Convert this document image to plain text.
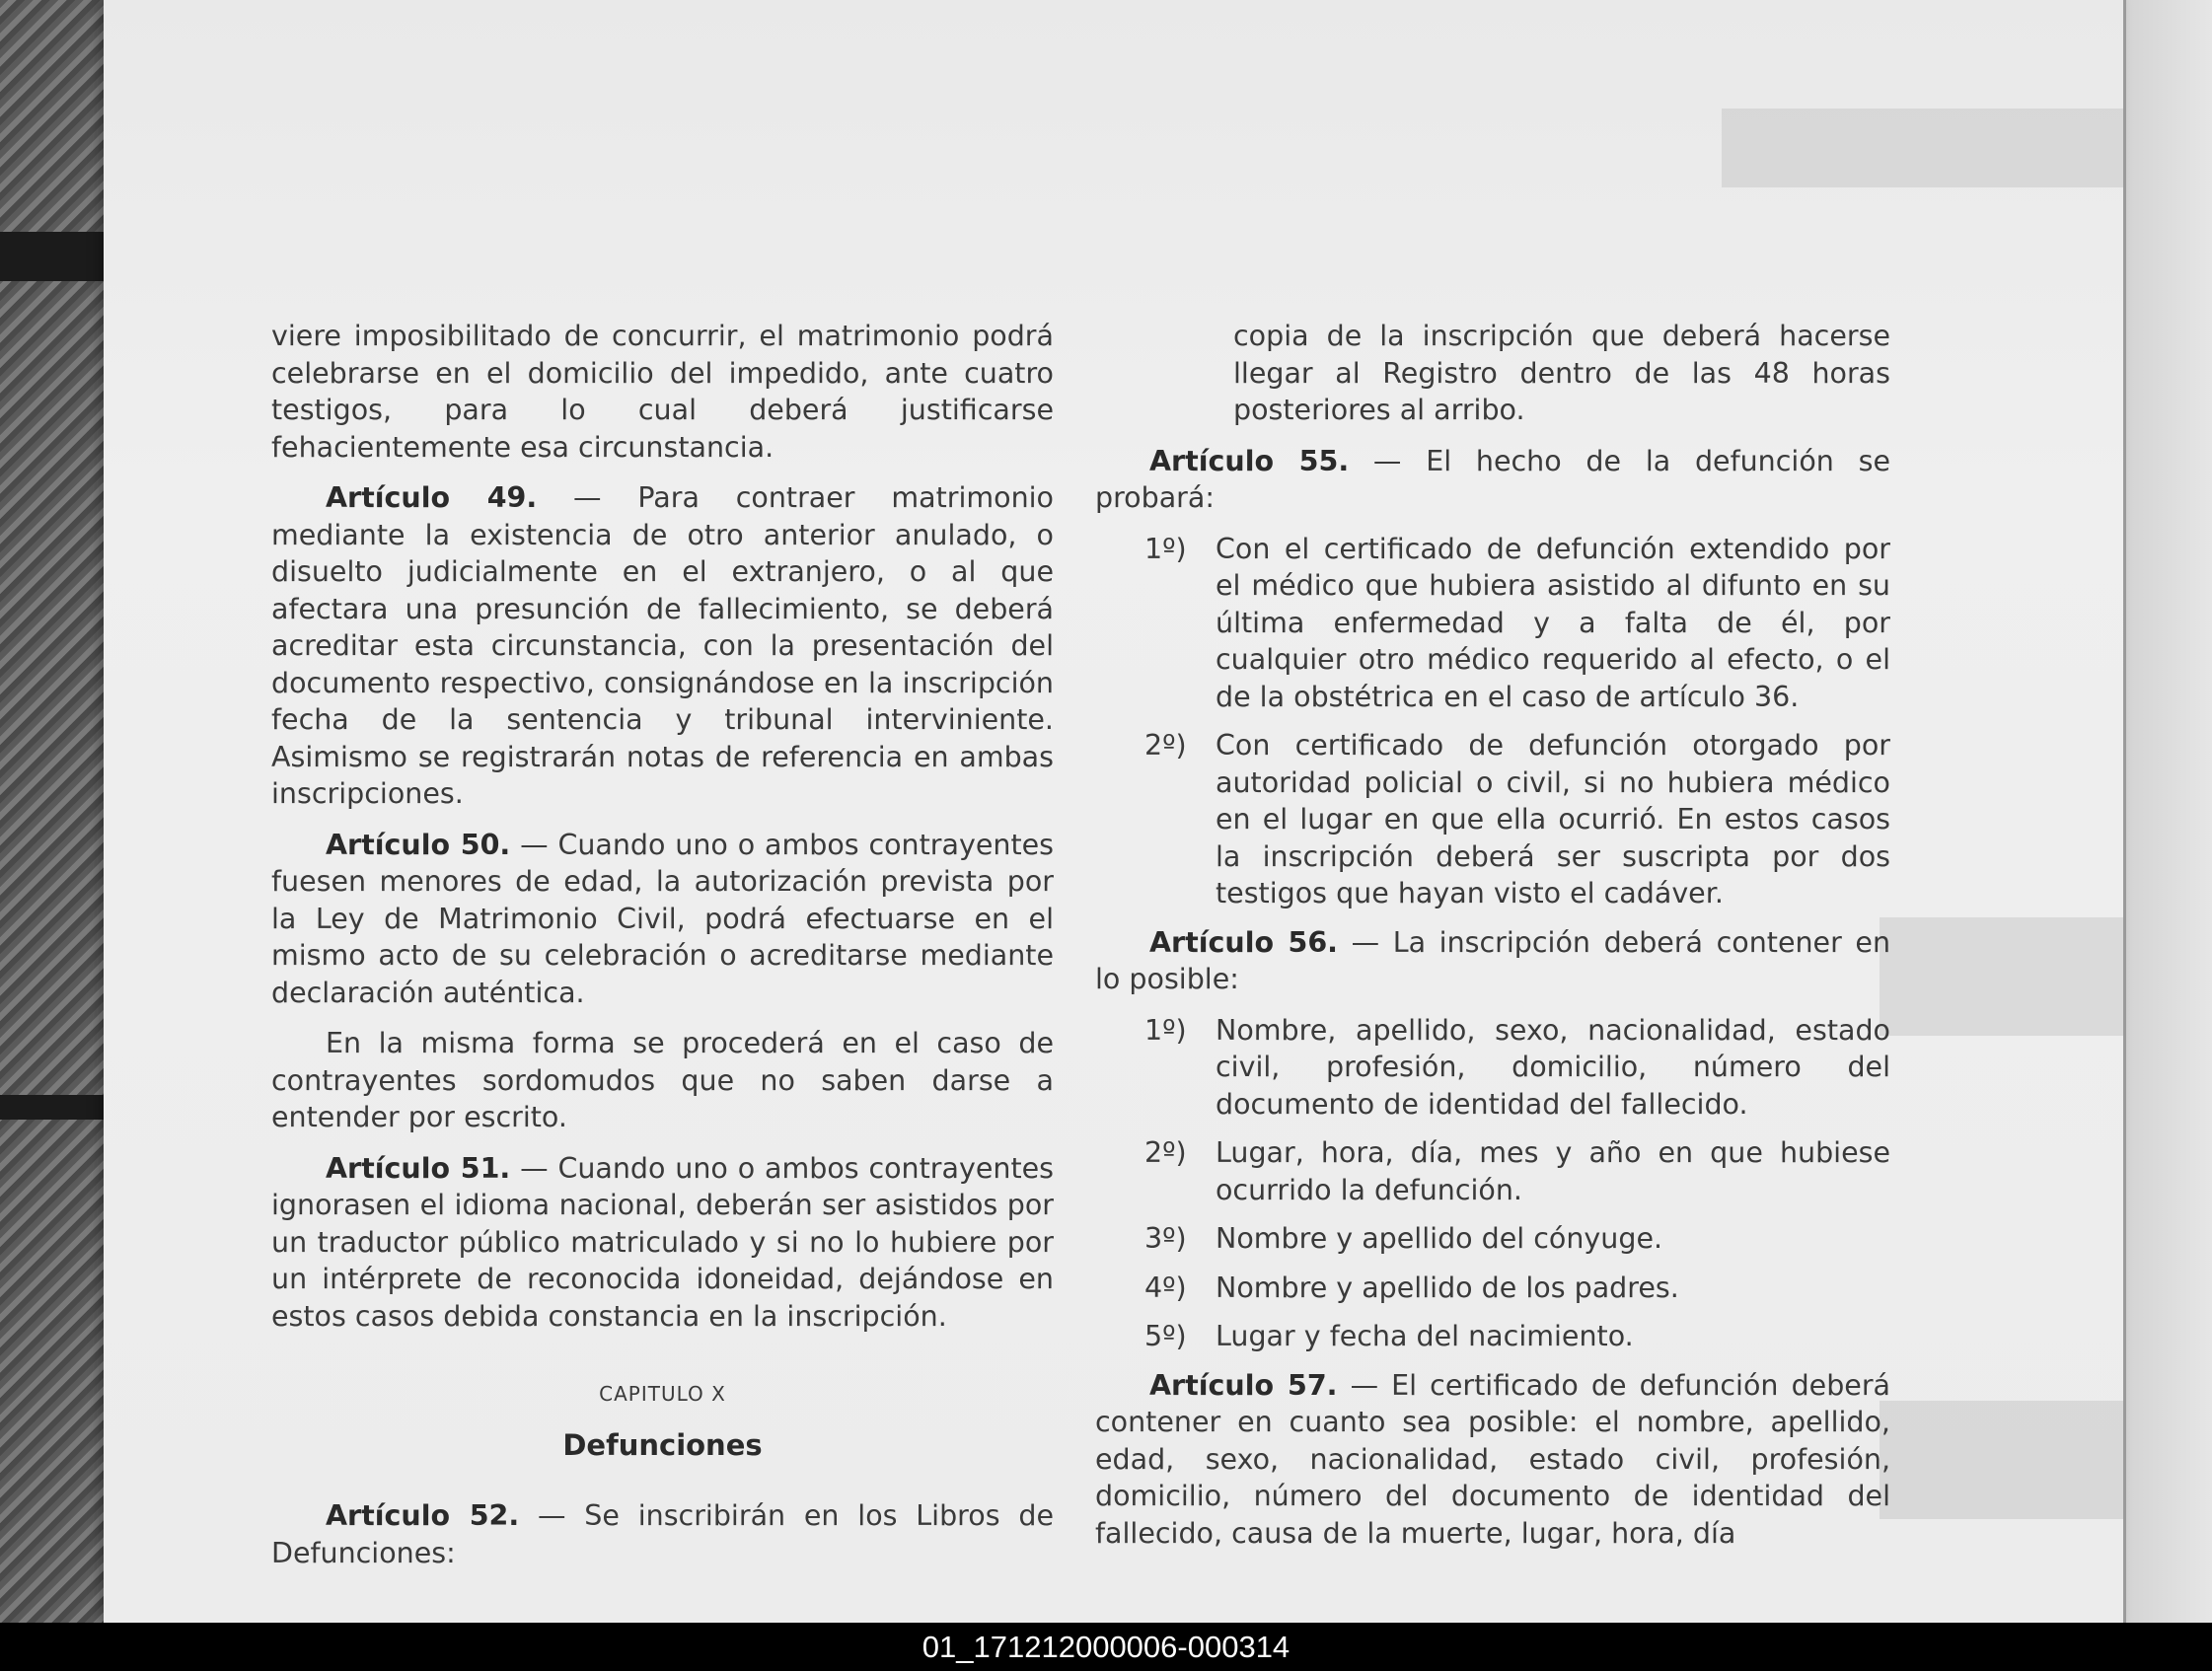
viere imposibilitado de concurrir, el matrimonio podrá celebrarse en el domicilio del impedido, ante cuatro testigos, para lo cual deberá justificarse fehacientemente esa circunstancia.

Artículo 49. — Para contraer matrimonio mediante la existencia de otro anterior anulado, o disuelto judicialmente en el extranjero, o al que afectara una presunción de fallecimiento, se deberá acreditar esta circunstancia, con la presentación del documento respectivo, consignándose en la inscripción fecha de la sentencia y tribunal interviniente. Asimismo se registrarán notas de referencia en ambas inscripciones.

Artículo 50. — Cuando uno o ambos contrayentes fuesen menores de edad, la autorización prevista por la Ley de Matrimonio Civil, podrá efectuarse en el mismo acto de su celebración o acreditarse mediante declaración auténtica.

En la misma forma se procederá en el caso de contrayentes sordomudos que no saben darse a entender por escrito.

Artículo 51. — Cuando uno o ambos contrayentes ignorasen el idioma nacional, deberán ser asistidos por un traductor público matriculado y si no lo hubiere por un intérprete de reconocida idoneidad, dejándose en estos casos debida constancia en la inscripción.

CAPITULO X
Defunciones

Artículo 52. — Se inscribirán en los Libros de Defunciones:

copia de la inscripción que deberá hacerse llegar al Registro dentro de las 48 horas posteriores al arribo.

Artículo 55. — El hecho de la defunción se probará:

1º)	Con el certificado de defunción extendido por el médico que hubiera asistido al difunto en su última enfermedad y a falta de él, por cualquier otro médico requerido al efecto, o el de la obstétrica en el caso de artículo 36.
2º)	Con certificado de defunción otorgado por autoridad policial o civil, si no hubiera médico en el lugar en que ella ocurrió. En estos casos la inscripción deberá ser suscripta por dos testigos que hayan visto el cadáver.

Artículo 56. — La inscripción deberá contener en lo posible:

1º)	Nombre, apellido, sexo, nacionalidad, estado civil, profesión, domicilio, número del documento de identidad del fallecido.
2º)	Lugar, hora, día, mes y año en que hubiese ocurrido la defunción.
3º)	Nombre y apellido del cónyuge.
4º)	Nombre y apellido de los padres.
5º)	Lugar y fecha del nacimiento.

Artículo 57. — El certificado de defunción deberá contener en cuanto sea posible: el nombre, apellido, edad, sexo, nacionalidad, estado civil, profesión, domicilio, número del documento de identidad del fallecido, causa de la muerte, lugar, hora, día

01_171212000006-000314
